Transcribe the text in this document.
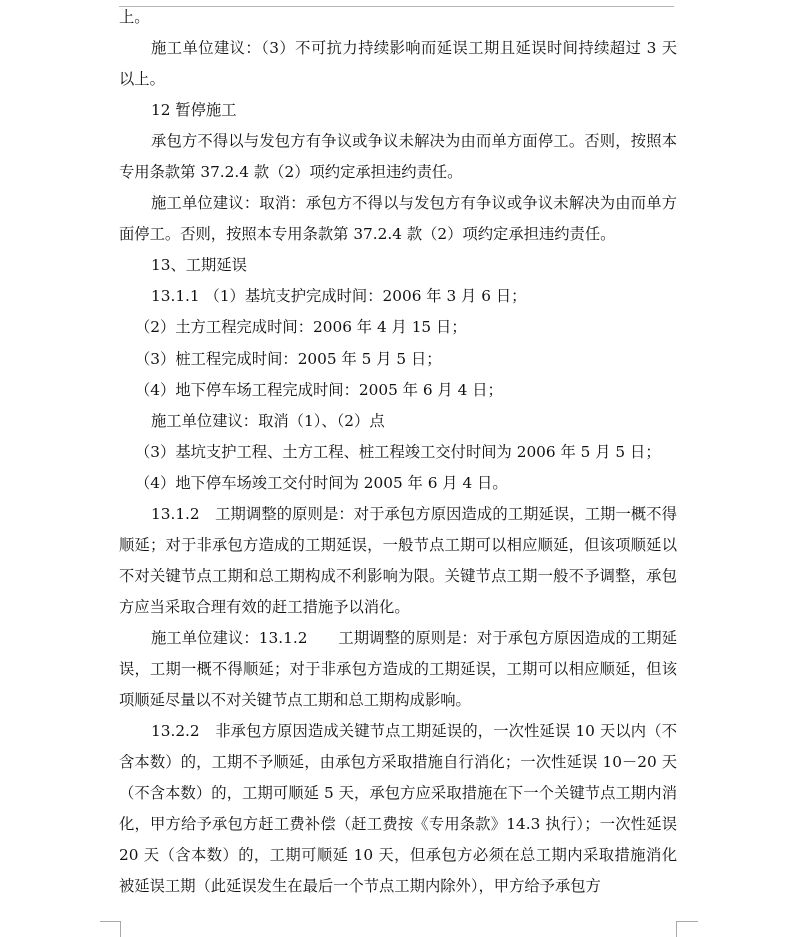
上。

施工单位建议：（3）不可抗力持续影响而延误工期且延误时间持续超过 3 天以上。

12 暂停施工

承包方不得以与发包方有争议或争议未解决为由而单方面停工。否则，按照本专用条款第 37.2.4 款（2）项约定承担违约责任。

施工单位建议：取消：承包方不得以与发包方有争议或争议未解决为由而单方面停工。否则，按照本专用条款第 37.2.4 款（2）项约定承担违约责任。

13、工期延误

13.1.1 （1）基坑支护完成时间：2006 年 3 月 6 日；

（2）土方工程完成时间：2006 年 4 月 15 日；

（3）桩工程完成时间：2005 年 5 月 5 日；

（4）地下停车场工程完成时间：2005 年 6 月 4 日；

施工单位建议：取消（1）、（2）点

（3）基坑支护工程、土方工程、桩工程竣工交付时间为 2006 年 5 月 5 日；

（4）地下停车场竣工交付时间为 2005 年 6 月 4 日。

13.1.2　工期调整的原则是：对于承包方原因造成的工期延误，工期一概不得顺延；对于非承包方造成的工期延误，一般节点工期可以相应顺延，但该项顺延以不对关键节点工期和总工期构成不利影响为限。关键节点工期一般不予调整，承包方应当采取合理有效的赶工措施予以消化。

施工单位建议：13.1.2　　工期调整的原则是：对于承包方原因造成的工期延误，工期一概不得顺延；对于非承包方造成的工期延误，工期可以相应顺延，但该项顺延尽量以不对关键节点工期和总工期构成影响。

13.2.2　非承包方原因造成关键节点工期延误的，一次性延误 10 天以内（不含本数）的，工期不予顺延，由承包方采取措施自行消化；一次性延误 10－20 天（不含本数）的，工期可顺延 5 天，承包方应采取措施在下一个关键节点工期内消化，甲方给予承包方赶工费补偿（赶工费按《专用条款》14.3 执行）；一次性延误 20 天（含本数）的，工期可顺延 10 天，但承包方必须在总工期内采取措施消化被延误工期（此延误发生在最后一个节点工期内除外），甲方给予承包方
